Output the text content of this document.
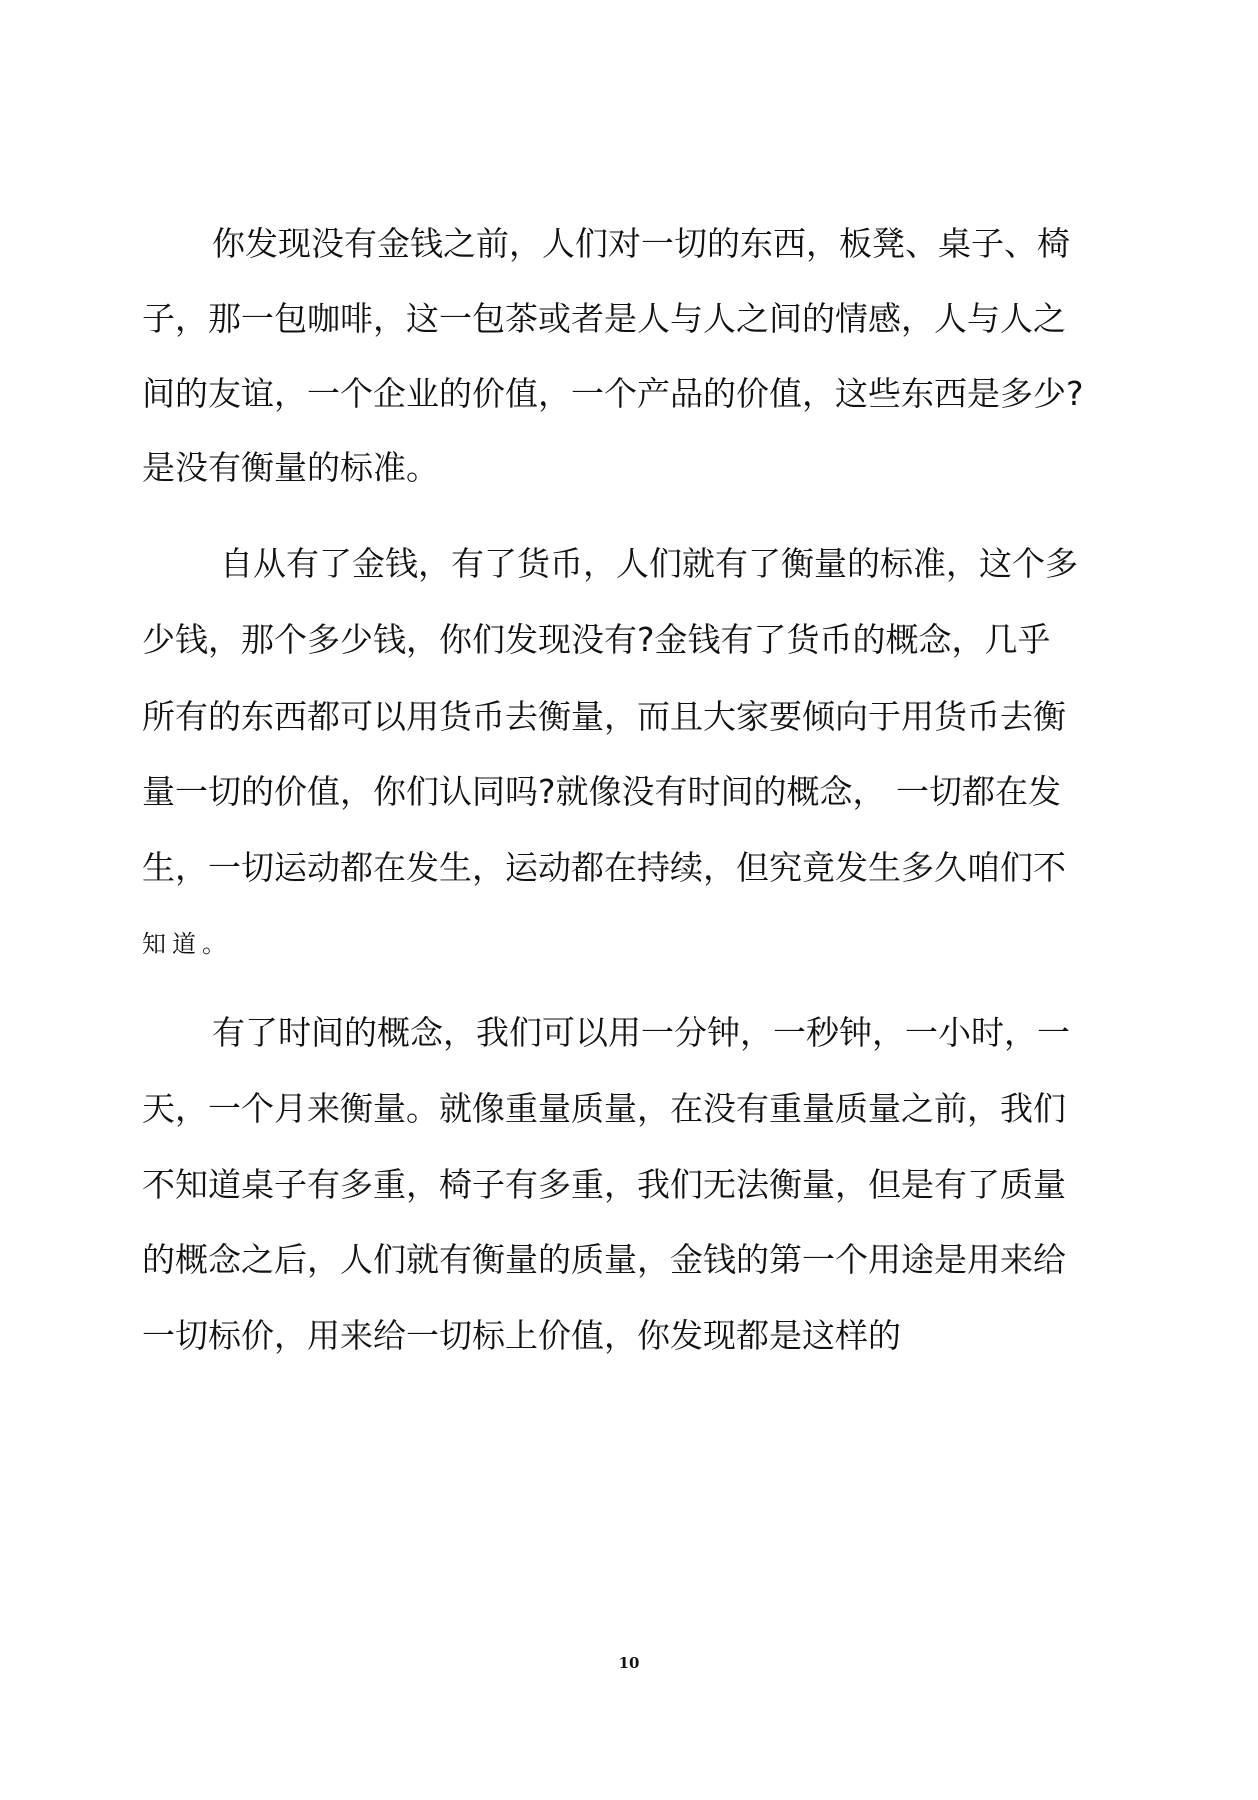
你发现没有金钱之前，人们对一切的东西，板凳、桌子、椅
子，那一包咖啡，这一包茶或者是人与人之间的情感，人与人之
间的友谊，一个企业的价值，一个产品的价值，这些东西是多少?
是没有衡量的标准。
自从有了金钱，有了货币，人们就有了衡量的标准，这个多
少钱，那个多少钱，你们发现没有?金钱有了货币的概念，几乎
所有的东西都可以用货币去衡量，而且大家要倾向于用货币去衡
量一切的价值，你们认同吗?就像没有时间的概念， 一切都在发
生，一切运动都在发生，运动都在持续，但究竟发生多久咱们不
知道。
有了时间的概念，我们可以用一分钟，一秒钟，一小时，一
天，一个月来衡量。就像重量质量，在没有重量质量之前，我们
不知道桌子有多重，椅子有多重，我们无法衡量，但是有了质量
的概念之后，人们就有衡量的质量，金钱的第一个用途是用来给
一切标价，用来给一切标上价值，你发现都是这样的
10
